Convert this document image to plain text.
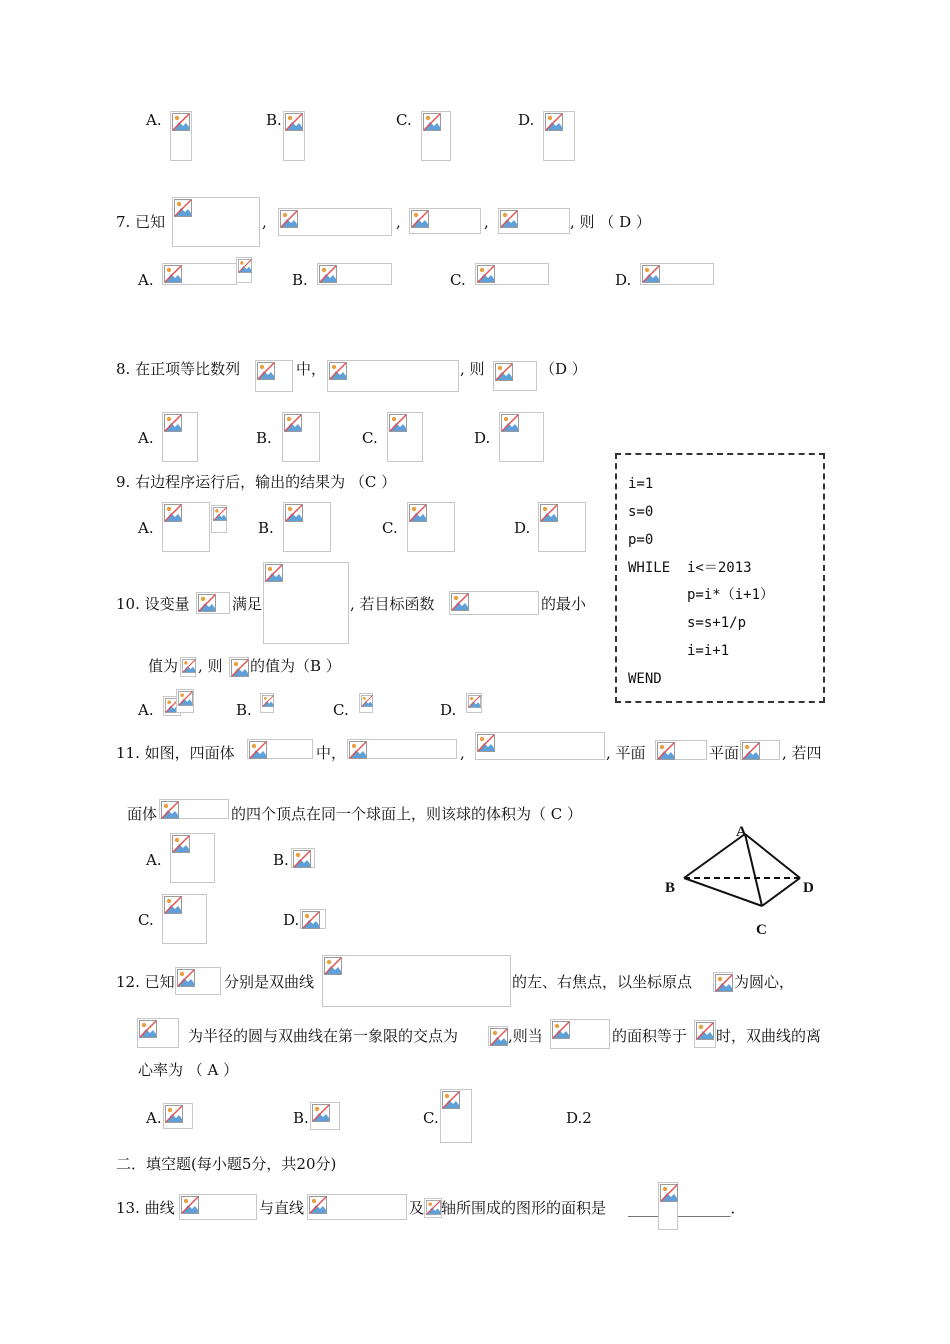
A.	B.	C.	D.
7. 已知	,	,	,	, 则 （ D ）
A.	B.	C.	D.
8. 在正项等比数列	中，	, 则	（D ）
A.	B.	C.	D.
9. 右边程序运行后，输出的结果为 （C ）
A.	B.	C.	D.
i=1
s=0
p=0
WHILE  i<＝2013
p=i*（i+1）
s=s+1/p
i=i+1
WEND
10. 设变量	满足	, 若目标函数	的最小
值为 , 则 的值为（B ）
A.	B.	C.	D.
11. 如图，四面体	中，	,	, 平面	平面	, 若四
面体	的四个顶点在同一个球面上，则该球的体积为（ C ）
A.	B.
C.	D.
A
B
C
D
12. 已知	分别是双曲线	的左、右焦点，以坐标原点	为圆心，
为半径的圆与双曲线在第一象限的交点为	,则当	的面积等于 时，双曲线的离
心率为 （ A ）
A.	B.	C.	D.2
二．填空题(每小题5分，共20分)
13. 曲线	与直线	及 轴所围成的图形的面积是 ____ _______．
